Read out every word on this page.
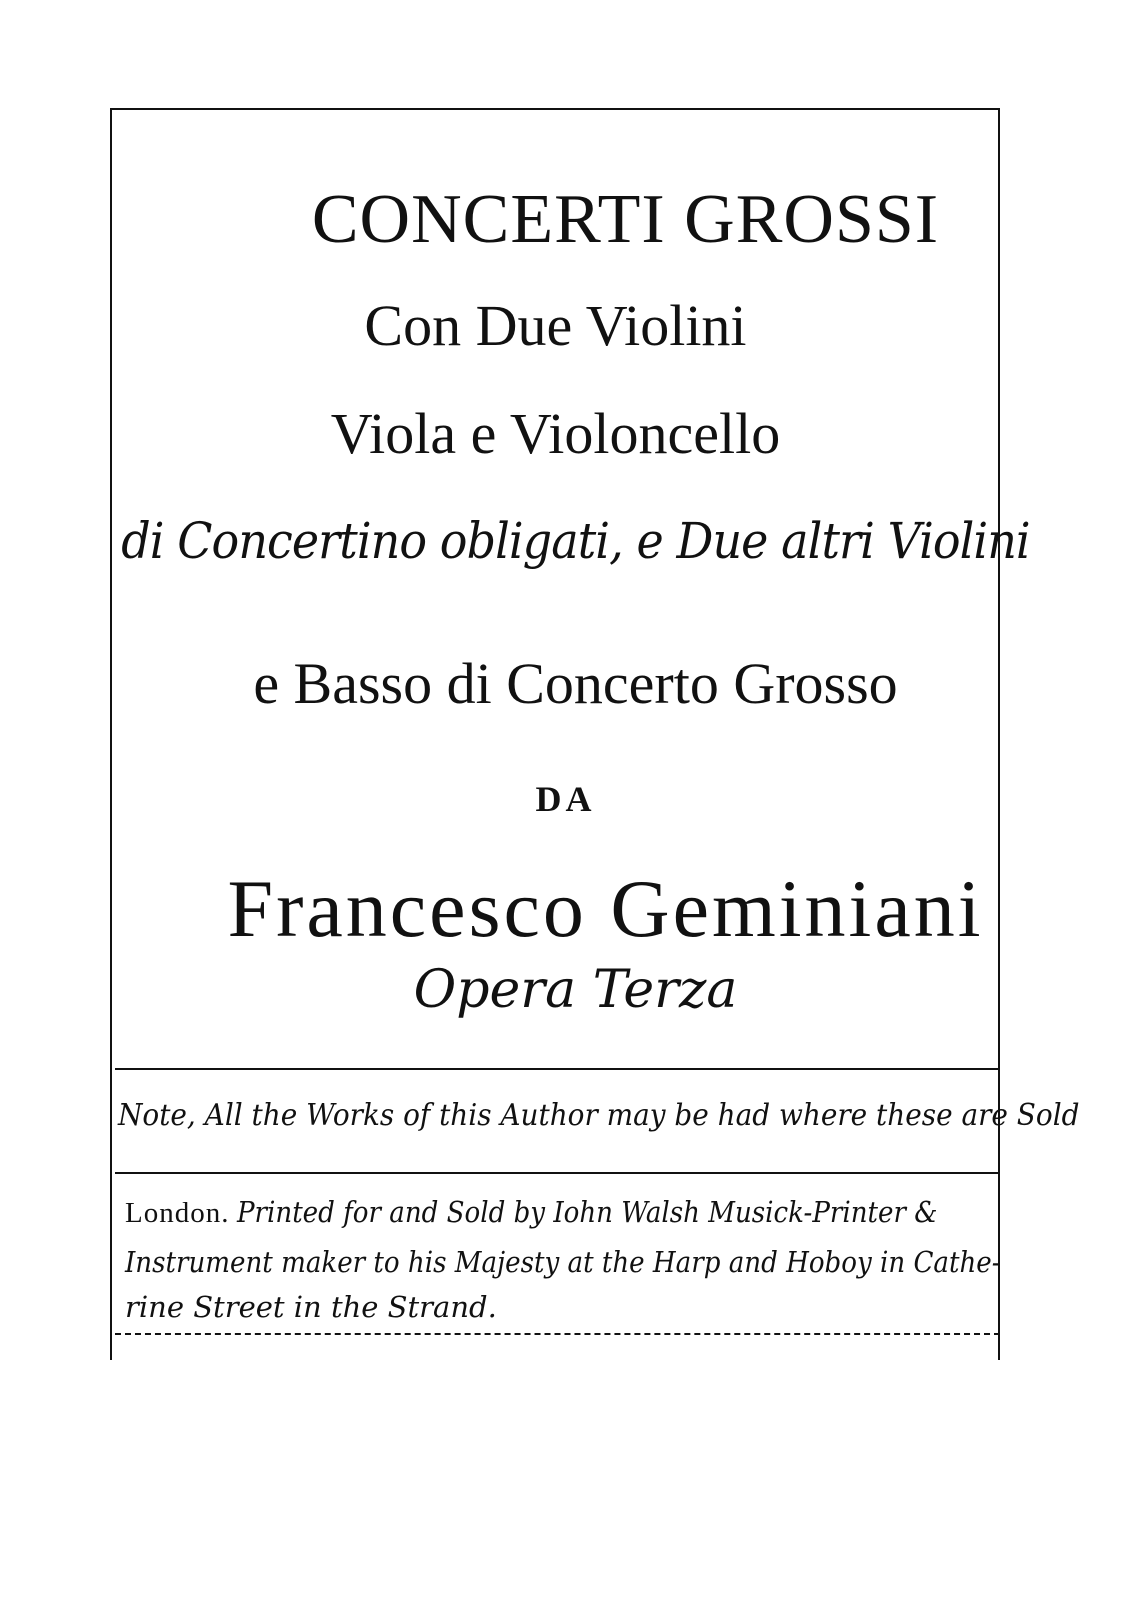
CONCERTI GROSSI
Con Due Violini
Viola e Violoncello
di Concertino obligati, e Due altri Violini
e Basso di Concerto Grosso
DA
Francesco Geminiani
Opera Terza
Note, All the Works of this Author may be had where these are Sold
London. Printed for and Sold by Iohn Walsh Musick-Printer &
Instrument maker to his Majesty at the Harp and Hoboy in Cathe-
rine Street in the Strand.
